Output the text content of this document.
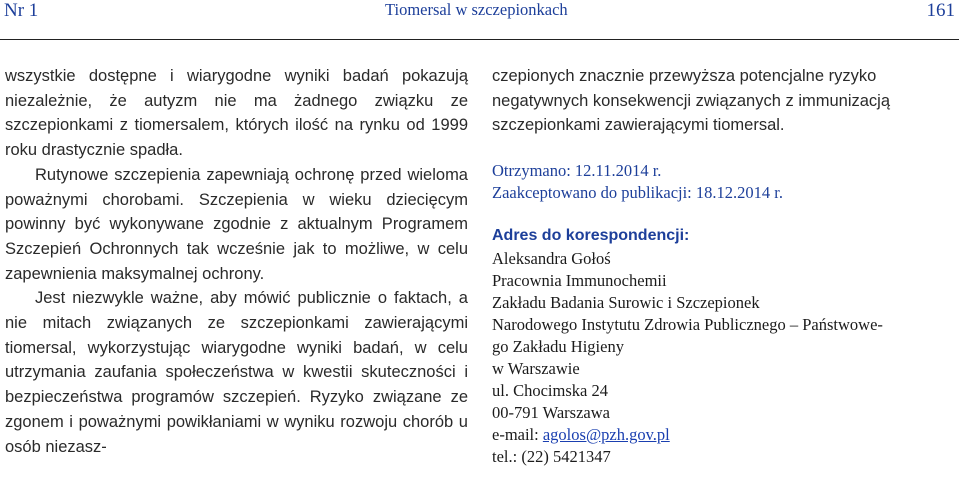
Nr 1	Tiomersal w szczepionkach	161

wszystkie dostępne i wiarygodne wyniki badań pokazują niezależnie, że autyzm nie ma żadnego związku ze szczepionkami z tiomersalem, których ilość na rynku od 1999 roku drastycznie spadła.

Rutynowe szczepienia zapewniają ochronę przed wieloma poważnymi chorobami. Szczepienia w wieku dziecięcym powinny być wykonywane zgodnie z aktualnym Programem Szczepień Ochronnych tak wcześnie jak to możliwe, w celu zapewnienia maksymalnej ochrony.

Jest niezwykle ważne, aby mówić publicznie o faktach, a nie mitach związanych ze szczepionkami zawierającymi tiomersal, wykorzystując wiarygodne wyniki badań, w celu utrzymania zaufania społeczeństwa w kwestii skuteczności i bezpieczeństwa programów szczepień. Ryzyko związane ze zgonem i poważnymi powikłaniami w wyniku rozwoju chorób u osób niezasz-

czepionych znacznie przewyższa potencjalne ryzyko negatywnych konsekwencji związanych z immunizacją szczepionkami zawierającymi tiomersal.

Otrzymano: 12.11.2014 r.
Zaakceptowano do publikacji: 18.12.2014 r.
Adres do korespondencji:
Aleksandra Gołoś
Pracownia Immunochemii
Zakładu Badania Surowic i Szczepionek
Narodowego Instytutu Zdrowia Publicznego – Państwowe-
go Zakładu Higieny
w Warszawie
ul. Chocimska 24
00-791 Warszawa
e-mail: agolos@pzh.gov.pl
tel.: (22) 5421347
